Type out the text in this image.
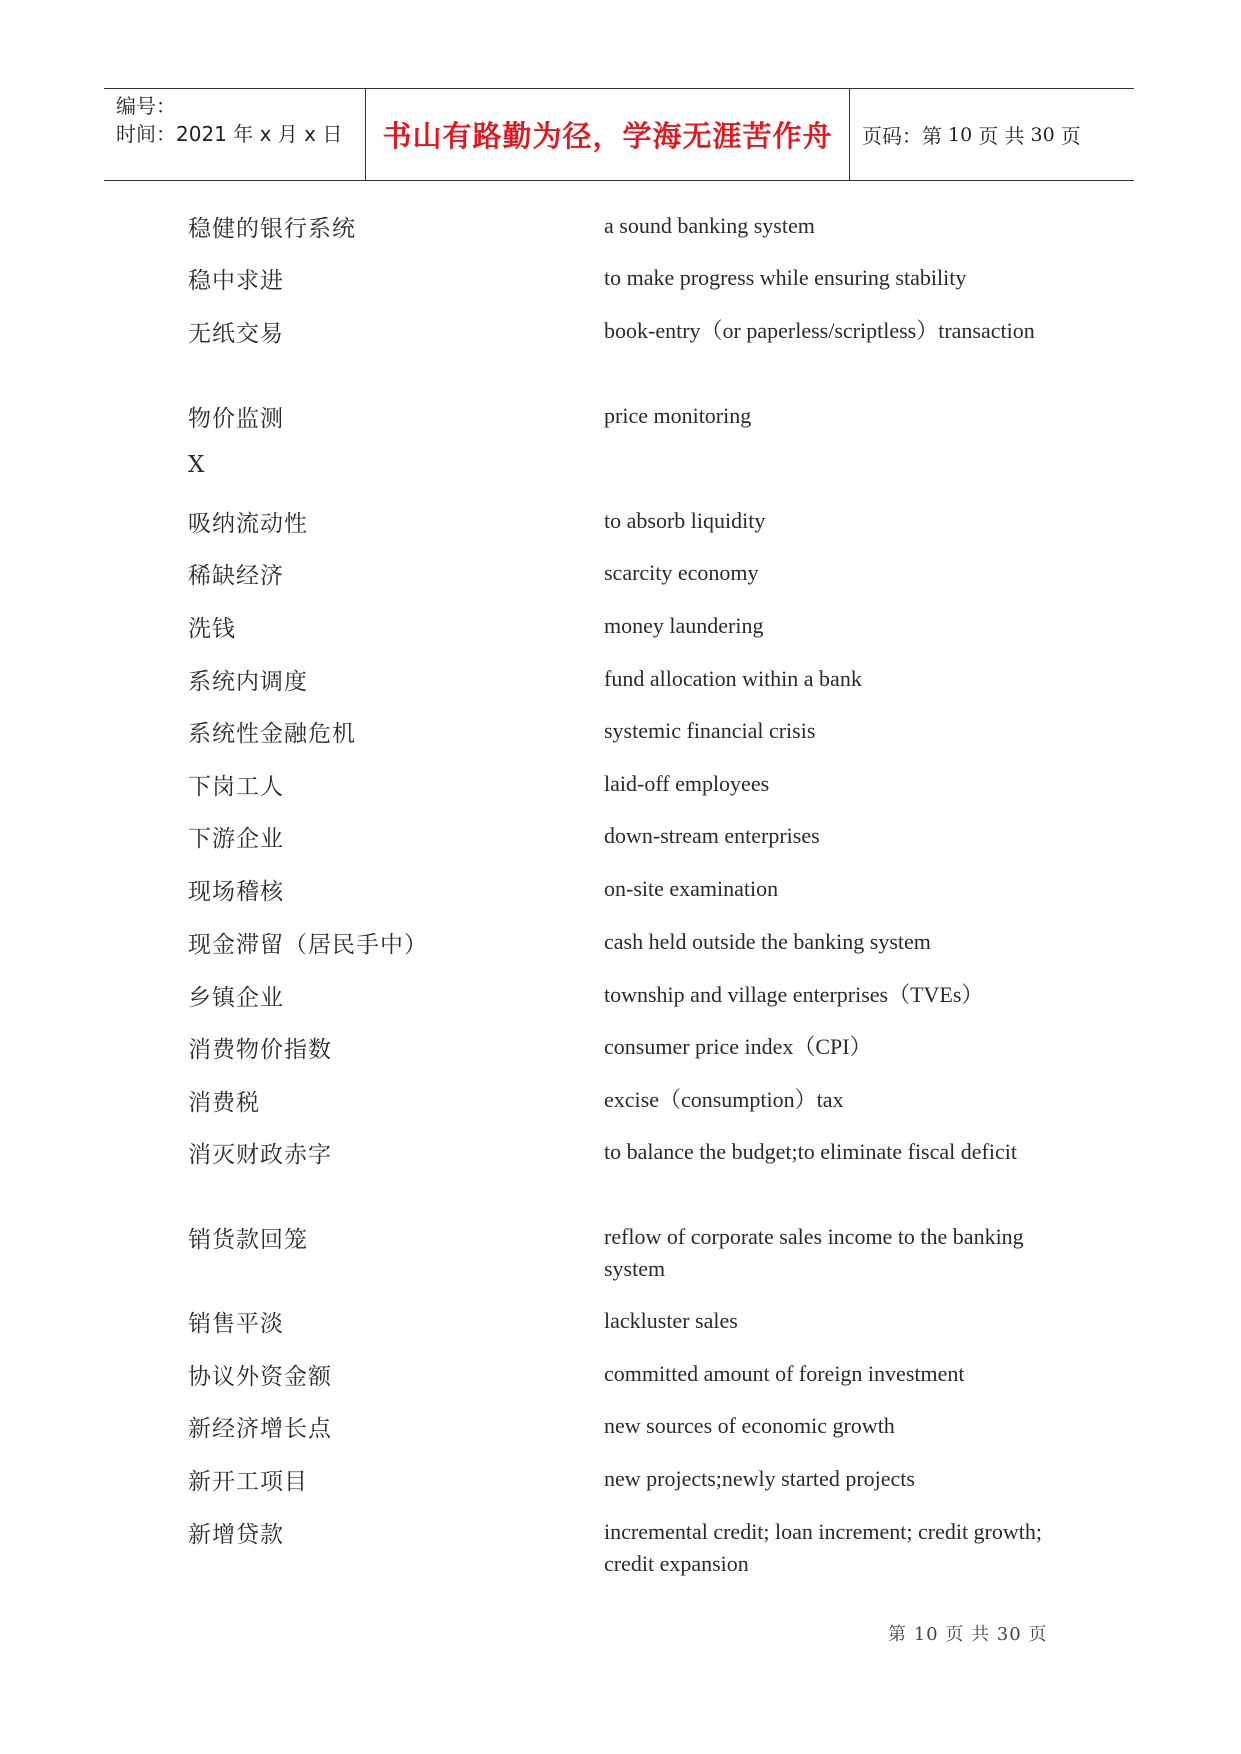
编号：
时间：2021 年 x 月 x 日	书山有路勤为径，学海无涯苦作舟	页码：第 10 页 共 30 页
稳健的银行系统	a sound banking system
稳中求进	to make progress while ensuring stability
无纸交易	book-entry（or paperless/scriptless）transaction
物价监测	price monitoring
X
吸纳流动性	to absorb liquidity
稀缺经济	scarcity economy
洗钱	money laundering
系统内调度	fund allocation within a bank
系统性金融危机	systemic financial crisis
下岗工人	laid-off employees
下游企业	down-stream enterprises
现场稽核	on-site examination
现金滞留（居民手中）	cash held outside the banking system
乡镇企业	township and village enterprises（TVEs）
消费物价指数	consumer price index（CPI）
消费税	excise（consumption）tax
消灭财政赤字	to balance the budget;to eliminate fiscal deficit
销货款回笼	reflow of corporate sales income to the banking system
销售平淡	lackluster sales
协议外资金额	committed amount of foreign investment
新经济增长点	new sources of economic growth
新开工项目	new projects;newly started projects
新增贷款	incremental credit; loan increment; credit growth; credit expansion
第 10 页 共 30 页
